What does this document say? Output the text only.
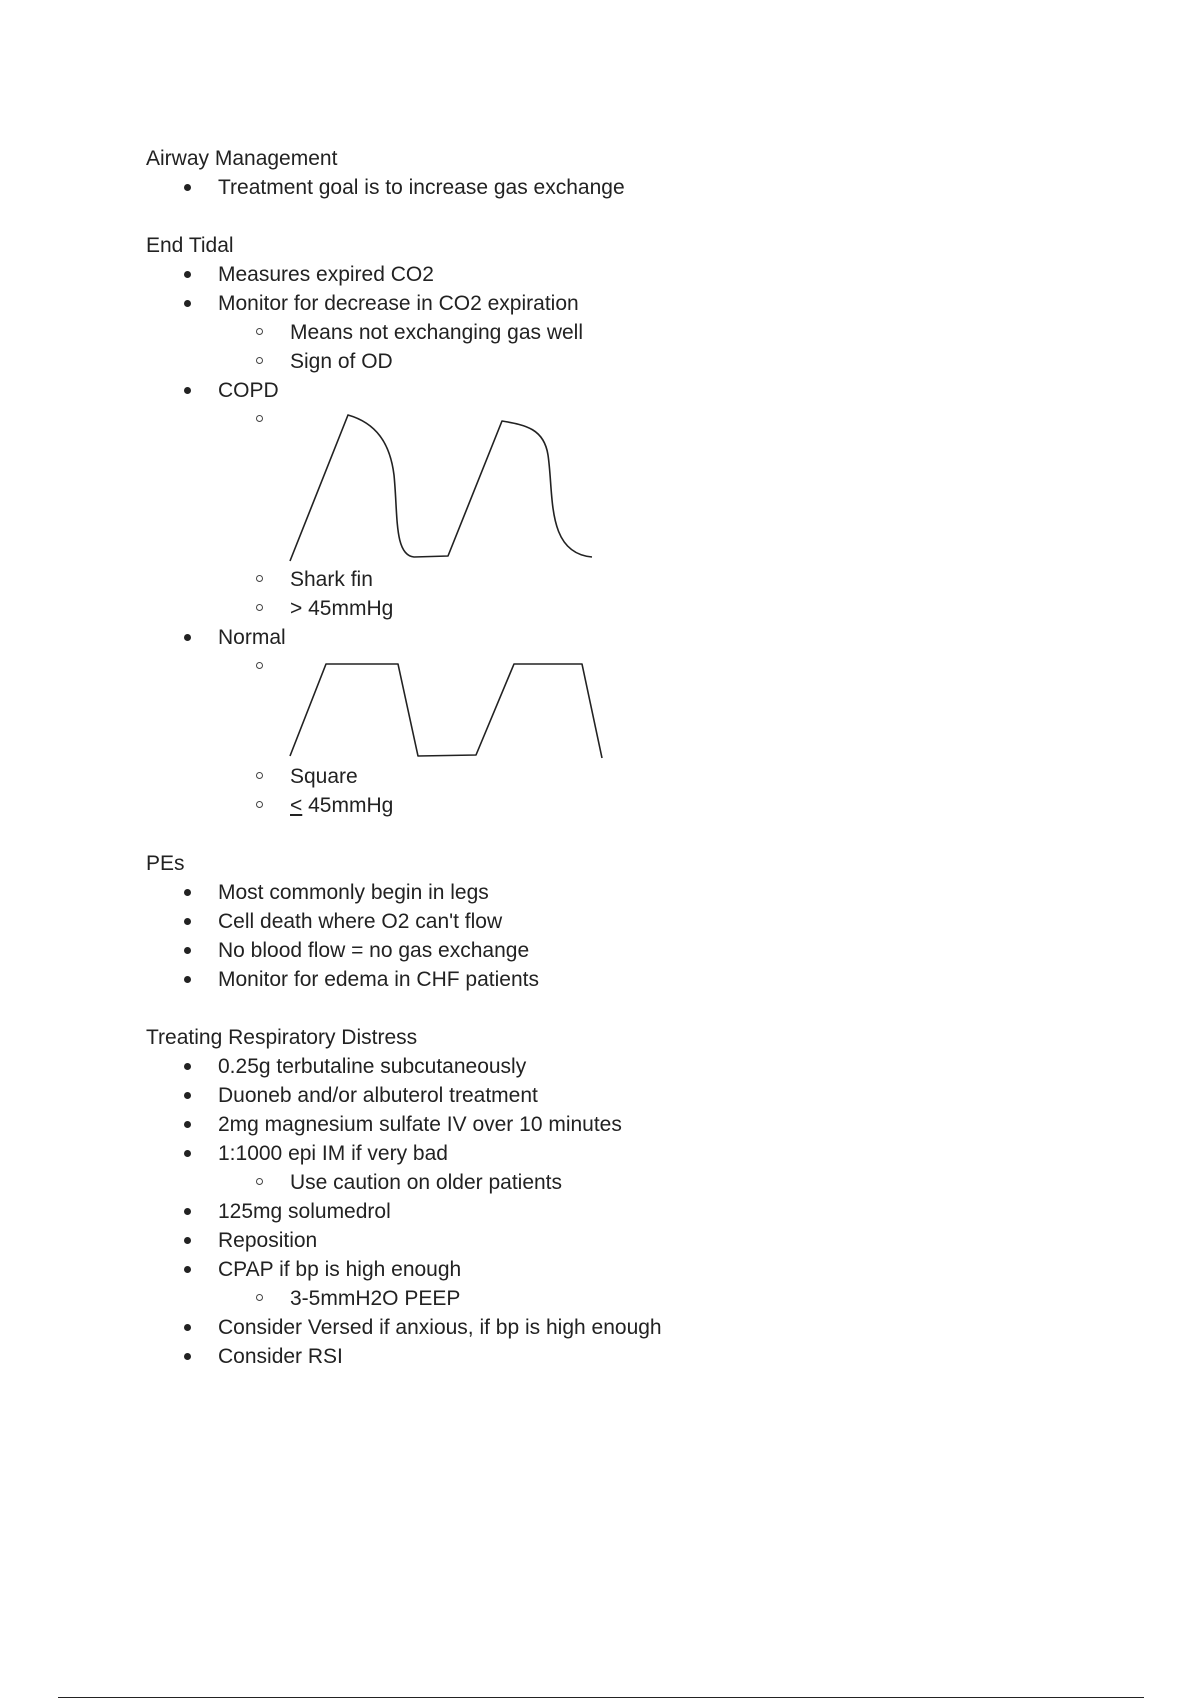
Airway Management

Treatment goal is to increase gas exchange

End Tidal

Measures expired CO2
Monitor for decrease in CO2 expiration
Means not exchanging gas well
Sign of OD
COPD
Shark fin
> 45mmHg
Normal
Square
< 45mmHg

PEs

Most commonly begin in legs
Cell death where O2 can't flow
No blood flow = no gas exchange
Monitor for edema in CHF patients

Treating Respiratory Distress

0.25g terbutaline subcutaneously
Duoneb and/or albuterol treatment
2mg magnesium sulfate IV over 10 minutes
1:1000 epi IM if very bad
Use caution on older patients
125mg solumedrol
Reposition
CPAP if bp is high enough
3-5mmH2O PEEP
Consider Versed if anxious, if bp is high enough
Consider RSI
